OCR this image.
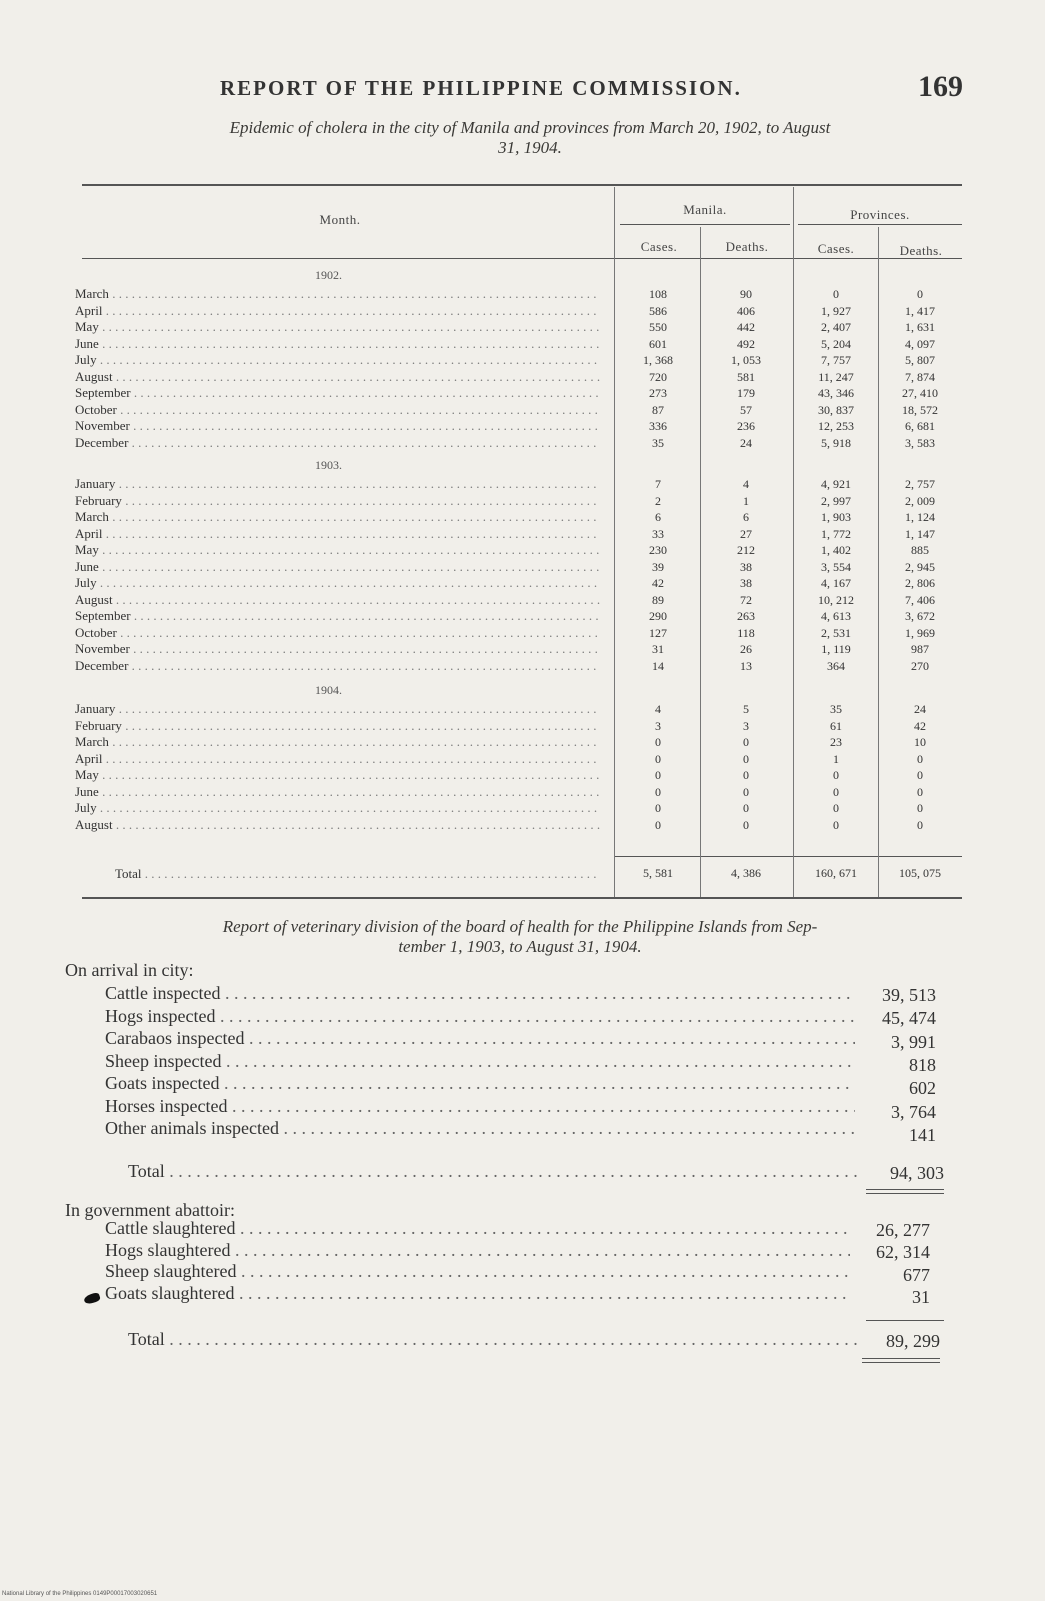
REPORT OF THE PHILIPPINE COMMISSION.	169
Epidemic of cholera in the city of Manila and provinces from March 20, 1902, to August
31, 1904.
Month.
Manila.	Provinces.
Cases.	Deaths.	Cases.	Deaths.
1902.
March . . .	108	90	0	0
April . . .	586	406	1, 927	1, 417
May . . .	550	442	2, 407	1, 631
June . . .	601	492	5, 204	4, 097
July . . .	1, 368	1, 053	7, 757	5, 807
August . . .	720	581	11, 247	7, 874
September . . .	273	179	43, 346	27, 410
October . . .	87	57	30, 837	18, 572
November . . .	336	236	12, 253	6, 681
December . . .	35	24	5, 918	3, 583
1903.
January . . .	7	4	4, 921	2, 757
February . . .	2	1	2, 997	2, 009
March . . .	6	6	1, 903	1, 124
April . . .	33	27	1, 772	1, 147
May . . .	230	212	1, 402	885
June . . .	39	38	3, 554	2, 945
July . . .	42	38	4, 167	2, 806
August . . .	89	72	10, 212	7, 406
September . . .	290	263	4, 613	3, 672
October . . .	127	118	2, 531	1, 969
November . . .	31	26	1, 119	987
December . . .	14	13	364	270
1904.
January . . .	4	5	35	24
February . . .	3	3	61	42
March . . .	0	0	23	10
April . . .	0	0	1	0
May . . .	0	0	0	0
June . . .	0	0	0	0
July . . .	0	0	0	0
August . . .	0	0	0	0
Total . . .	5, 581	4, 386	160, 671	105, 075
Report of veterinary division of the board of health for the Philippine Islands from Sep-
tember 1, 1903, to August 31, 1904.
On arrival in city:
Cattle inspected . . .	39, 513
Hogs inspected . . .	45, 474
Carabaos inspected . . .	3, 991
Sheep inspected . . .	818
Goats inspected . . .	602
Horses inspected . . .	3, 764
Other animals inspected . . .	141
Total . . .	94, 303
In government abattoir:
Cattle slaughtered . . .	26, 277
Hogs slaughtered . . .	62, 314
Sheep slaughtered . . .	677
Goats slaughtered . . .	31
Total . . .	89, 299
National Library of the Philippines 0149P00017003020651
